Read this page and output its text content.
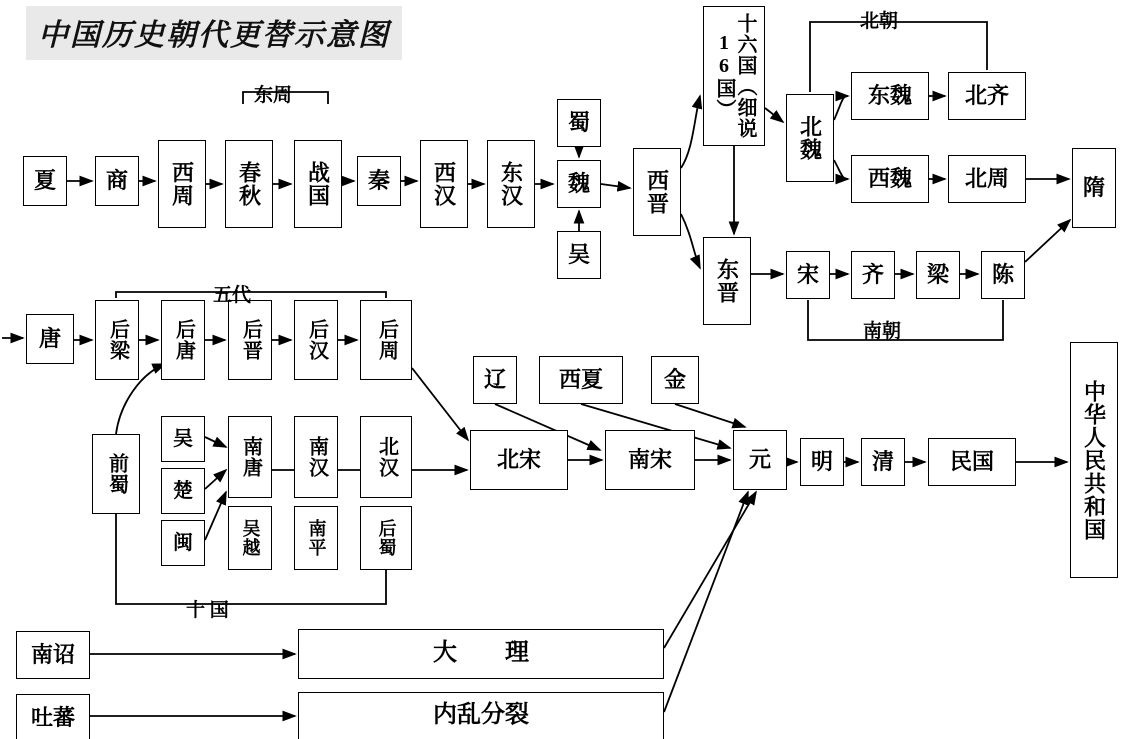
中国历史朝代更替示意图
夏	商	西周	春秋	战国	秦	西汉	东汉
蜀
魏
吴
西晋
十六国（细说16国）
北魏
东魏	北齐
西魏	北周	隋
东晋	宋	齐	梁	陈
唐	后梁	后唐	后晋	后汉	后周
吴
楚
闽
南唐
吴越
南汉
南平
北汉
后蜀
前蜀
辽	西夏	金
北宋	南宋	元	明	清	民国	中华人民共和国
南诏
吐蕃
大　　理
内乱分裂
东周
北朝
南朝
五代
十 国
